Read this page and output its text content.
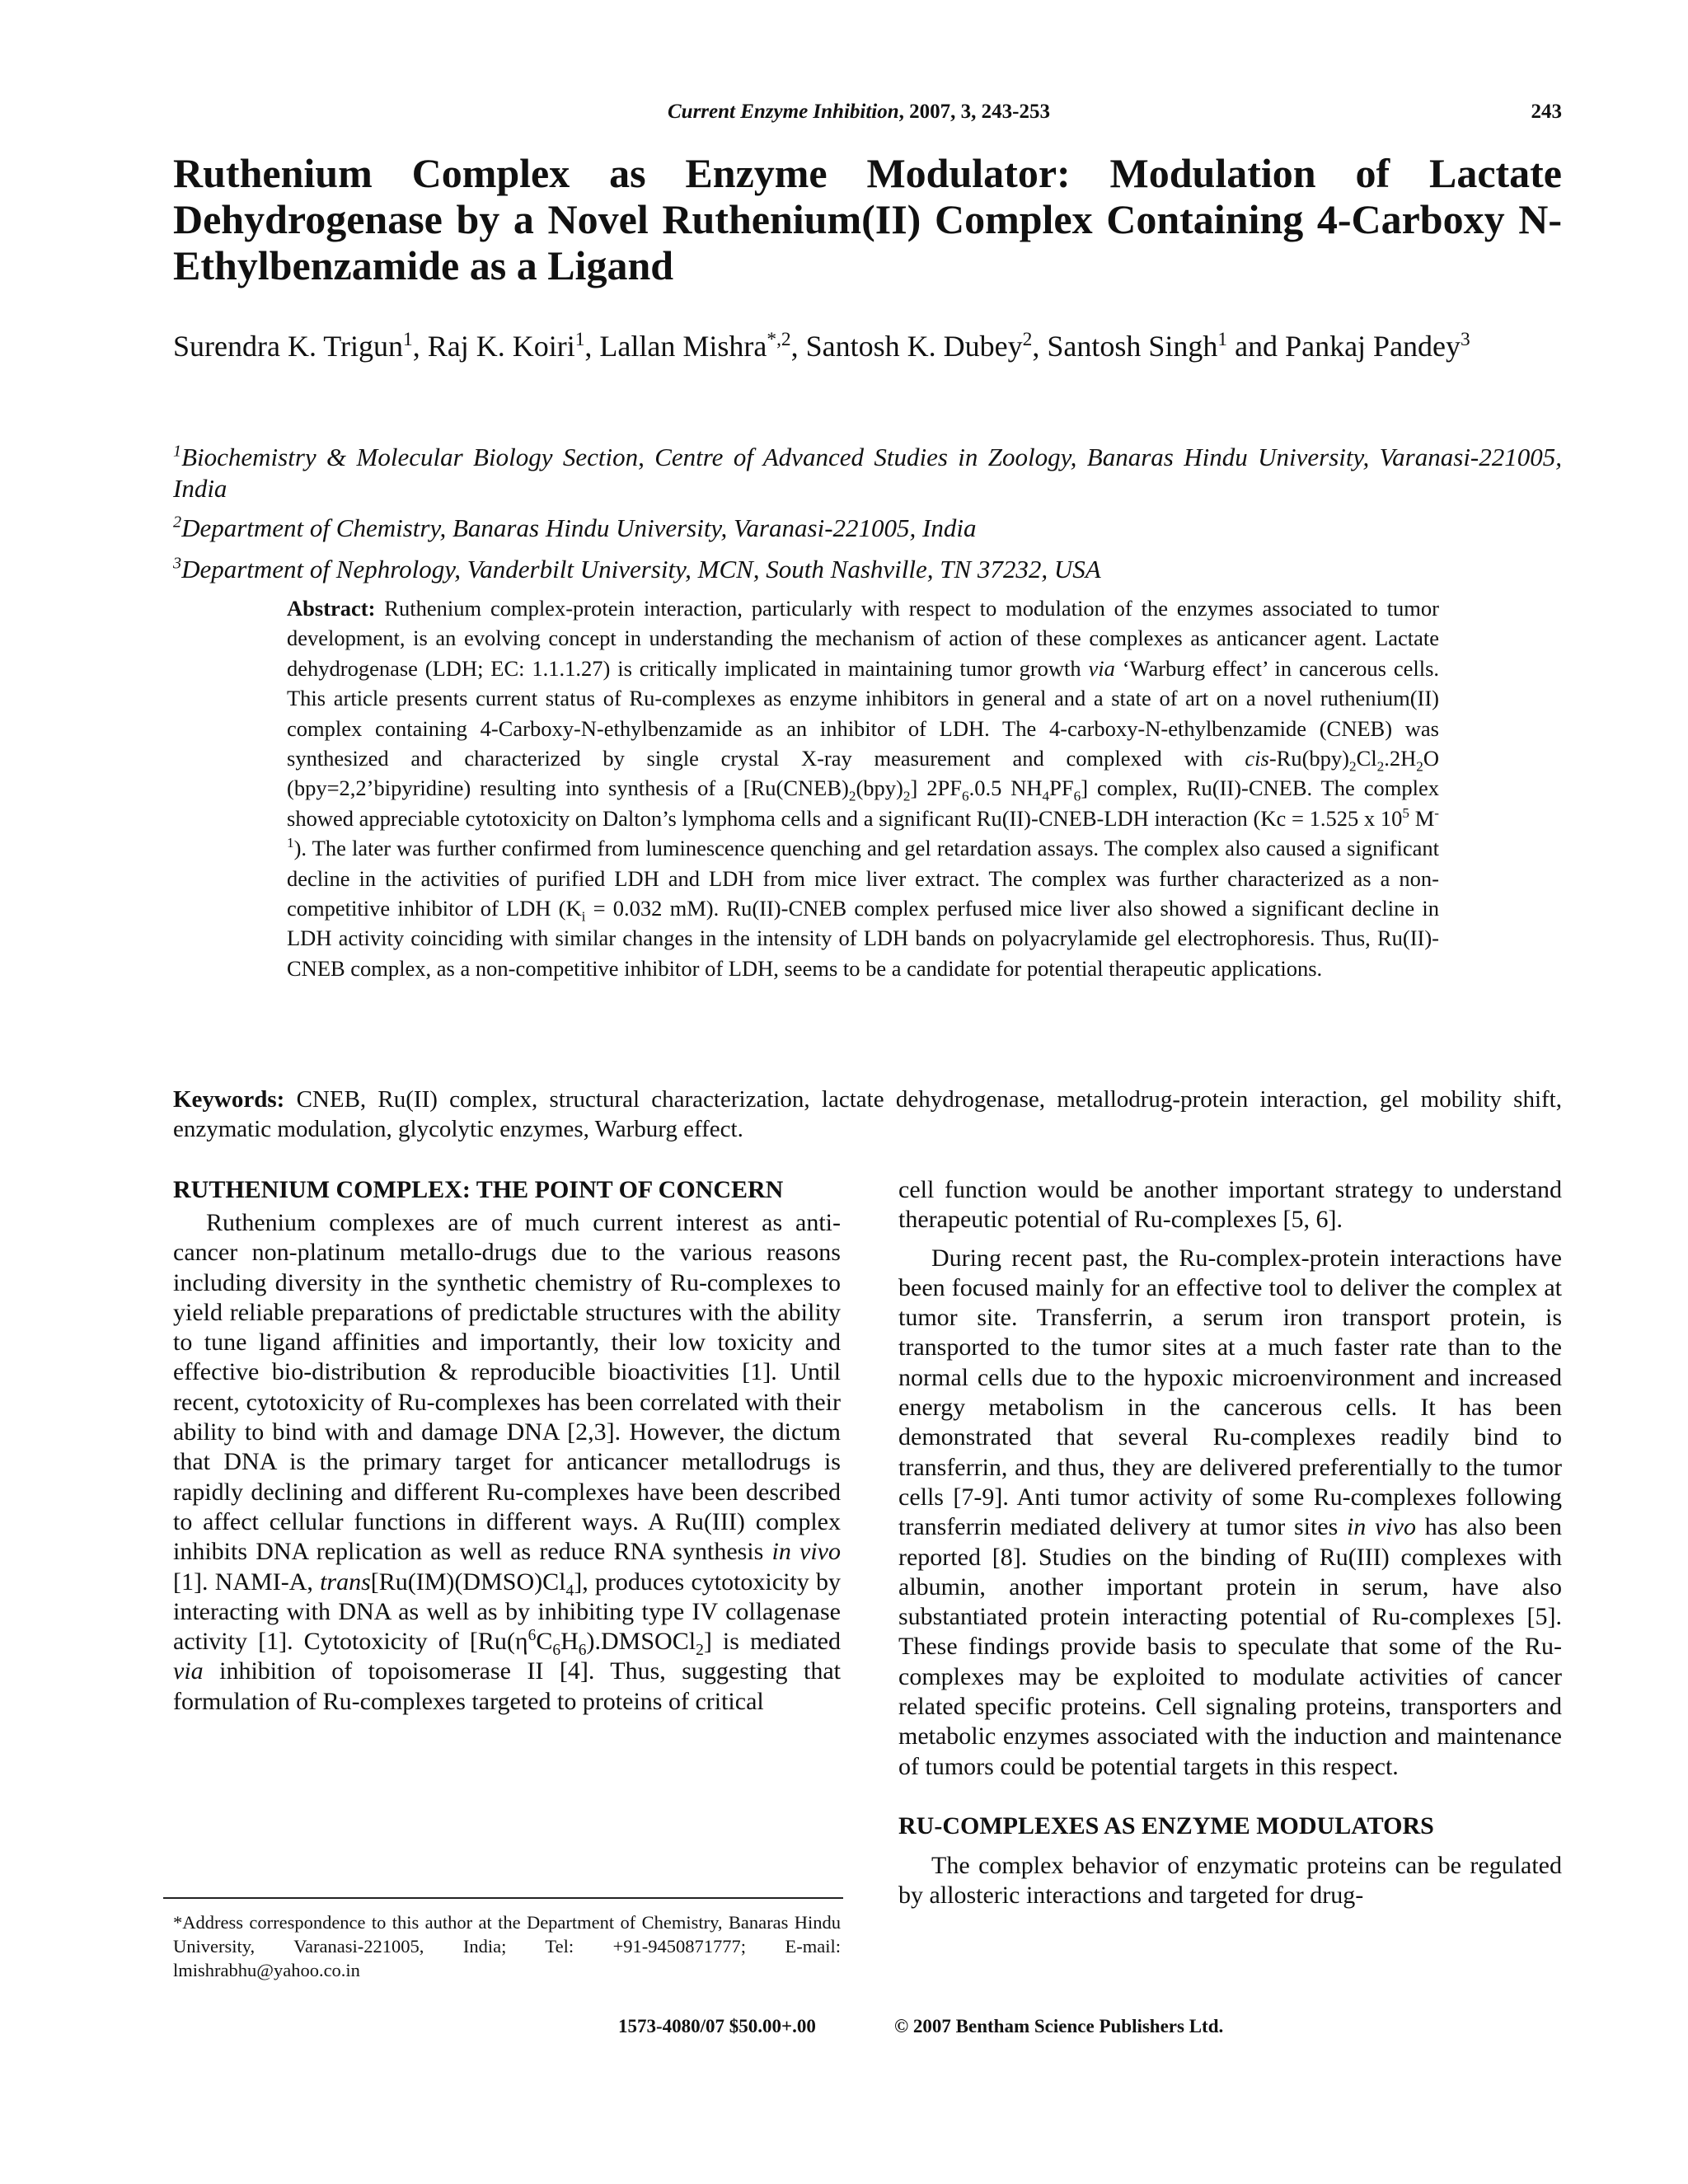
Current Enzyme Inhibition, 2007, 3, 243-253	243
Ruthenium Complex as Enzyme Modulator: Modulation of Lactate Dehydrogenase by a Novel Ruthenium(II) Complex Containing 4-Carboxy N-Ethylbenzamide as a Ligand
Surendra K. Trigun$^1$, Raj K. Koiri$^1$, Lallan Mishra$^{*,2}$, Santosh K. Dubey$^2$, Santosh Singh$^1$ and Pankaj Pandey$^3$
$^1$Biochemistry & Molecular Biology Section, Centre of Advanced Studies in Zoology, Banaras Hindu University, Varanasi-221005, India
$^2$Department of Chemistry, Banaras Hindu University, Varanasi-221005, India
$^3$Department of Nephrology, Vanderbilt University, MCN, South Nashville, TN 37232, USA
Abstract: Ruthenium complex-protein interaction, particularly with respect to modulation of the enzymes associated to tumor development, is an evolving concept in understanding the mechanism of action of these complexes as anticancer agent. Lactate dehydrogenase (LDH; EC: 1.1.1.27) is critically implicated in maintaining tumor growth via ‘Warburg effect’ in cancerous cells. This article presents current status of Ru-complexes as enzyme inhibitors in general and a state of art on a novel ruthenium(II) complex containing 4-Carboxy-N-ethylbenzamide as an inhibitor of LDH. The 4-carboxy-N-ethylbenzamide (CNEB) was synthesized and characterized by single crystal X-ray measurement and complexed with cis-$Ru(bpy)_2Cl_2.2H_2O$ (bpy=2,2’bipyridine) resulting into synthesis of a $[Ru(CNEB)_2(bpy)_2]$ $2PF_6.0.5$ $NH_4PF_6$] complex, Ru(II)-CNEB. The complex showed appreciable cytotoxicity on Dalton’s lymphoma cells and a significant Ru(II)-CNEB-LDH interaction (Kc = 1.525 x $10^5$ $M^{-1}$). The later was further confirmed from luminescence quenching and gel retardation assays. The complex also caused a significant decline in the activities of purified LDH and LDH from mice liver extract. The complex was further characterized as a non-competitive inhibitor of LDH ($K_i = 0.032$ mM). Ru(II)-CNEB complex perfused mice liver also showed a significant decline in LDH activity coinciding with similar changes in the intensity of LDH bands on polyacrylamide gel electrophoresis. Thus, Ru(II)-CNEB complex, as a non-competitive inhibitor of LDH, seems to be a candidate for potential therapeutic applications.
Keywords: CNEB, Ru(II) complex, structural characterization, lactate dehydrogenase, metallodrug-protein interaction, gel mobility shift, enzymatic modulation, glycolytic enzymes, Warburg effect.
RUTHENIUM COMPLEX: THE POINT OF CONCERN

Ruthenium complexes are of much current interest as anti-cancer non-platinum metallo-drugs due to the various reasons including diversity in the synthetic chemistry of Ru-complexes to yield reliable preparations of predictable structures with the ability to tune ligand affinities and importantly, their low toxicity and effective bio-distribution & reproducible bioactivities [1]. Until recent, cytotoxicity of Ru-complexes has been correlated with their ability to bind with and damage DNA [2,3]. However, the dictum that DNA is the primary target for anticancer metallodrugs is rapidly declining and different Ru-complexes have been described to affect cellular functions in different ways. A Ru(III) complex inhibits DNA replication as well as reduce RNA synthesis in vivo [1]. NAMI-A, $trans[Ru(IM)(DMSO)Cl_4]$, produces cytotoxicity by interacting with DNA as well as by inhibiting type IV collagenase activity [1]. Cytotoxicity of $[Ru(\eta^6C_6H_6).DMSOCl_2]$ is mediated via inhibition of topoisomerase II [4]. Thus, suggesting that formulation of Ru-complexes targeted to proteins of critical

*Address correspondence to this author at the Department of Chemistry, Banaras Hindu University, Varanasi-221005, India; Tel: +91-9450871777; E-mail: lmishrabhu@yahoo.co.in

cell function would be another important strategy to understand therapeutic potential of Ru-complexes [5, 6].

During recent past, the Ru-complex-protein interactions have been focused mainly for an effective tool to deliver the complex at tumor site. Transferrin, a serum iron transport protein, is transported to the tumor sites at a much faster rate than to the normal cells due to the hypoxic microenvironment and increased energy metabolism in the cancerous cells. It has been demonstrated that several Ru-complexes readily bind to transferrin, and thus, they are delivered preferentially to the tumor cells [7-9]. Anti tumor activity of some Ru-complexes following transferrin mediated delivery at tumor sites in vivo has also been reported [8]. Studies on the binding of Ru(III) complexes with albumin, another important protein in serum, have also substantiated protein interacting potential of Ru-complexes [5]. These findings provide basis to speculate that some of the Ru-complexes may be exploited to modulate activities of cancer related specific proteins. Cell signaling proteins, transporters and metabolic enzymes associated with the induction and maintenance of tumors could be potential targets in this respect.

RU-COMPLEXES AS ENZYME MODULATORS

The complex behavior of enzymatic proteins can be regulated by allosteric interactions and targeted for drug-

1573-4080/07 $50.00+.00	© 2007 Bentham Science Publishers Ltd.
